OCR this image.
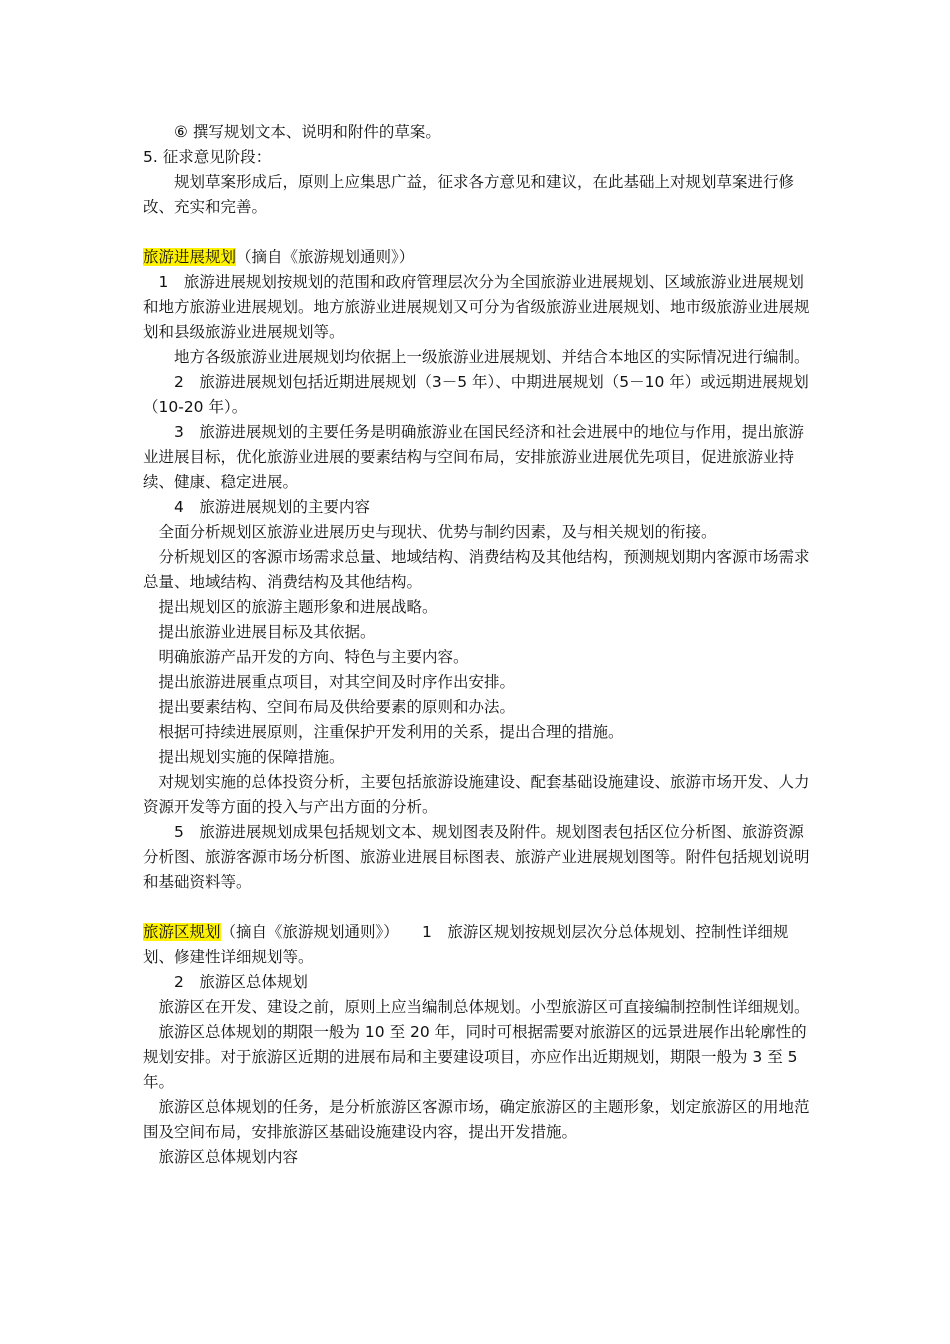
⑥ 撰写规划文本、说明和附件的草案。

5. 征求意见阶段：

规划草案形成后，原则上应集思广益，征求各方意见和建议，在此基础上对规划草案进行修改、充实和完善。

旅游进展规划（摘自《旅游规划通则》）

1　旅游进展规划按规划的范围和政府管理层次分为全国旅游业进展规划、区域旅游业进展规划和地方旅游业进展规划。地方旅游业进展规划又可分为省级旅游业进展规划、地市级旅游业进展规划和县级旅游业进展规划等。

地方各级旅游业进展规划均依据上一级旅游业进展规划、并结合本地区的实际情况进行编制。

2　旅游进展规划包括近期进展规划（3－5 年）、中期进展规划（5－10 年）或远期进展规划（10-20 年）。

3　旅游进展规划的主要任务是明确旅游业在国民经济和社会进展中的地位与作用，提出旅游业进展目标，优化旅游业进展的要素结构与空间布局，安排旅游业进展优先项目，促进旅游业持续、健康、稳定进展。

4　旅游进展规划的主要内容

全面分析规划区旅游业进展历史与现状、优势与制约因素，及与相关规划的衔接。

分析规划区的客源市场需求总量、地域结构、消费结构及其他结构，预测规划期内客源市场需求总量、地域结构、消费结构及其他结构。

提出规划区的旅游主题形象和进展战略。

提出旅游业进展目标及其依据。

明确旅游产品开发的方向、特色与主要内容。

提出旅游进展重点项目，对其空间及时序作出安排。

提出要素结构、空间布局及供给要素的原则和办法。

根据可持续进展原则，注重保护开发利用的关系，提出合理的措施。

提出规划实施的保障措施。

对规划实施的总体投资分析，主要包括旅游设施建设、配套基础设施建设、旅游市场开发、人力资源开发等方面的投入与产出方面的分析。

5　旅游进展规划成果包括规划文本、规划图表及附件。规划图表包括区位分析图、旅游资源分析图、旅游客源市场分析图、旅游业进展目标图表、旅游产业进展规划图等。附件包括规划说明和基础资料等。

旅游区规划（摘自《旅游规划通则》）　　1　旅游区规划按规划层次分总体规划、控制性详细规划、修建性详细规划等。

2　旅游区总体规划

旅游区在开发、建设之前，原则上应当编制总体规划。小型旅游区可直接编制控制性详细规划。

旅游区总体规划的期限一般为 10 至 20 年，同时可根据需要对旅游区的远景进展作出轮廓性的规划安排。对于旅游区近期的进展布局和主要建设项目，亦应作出近期规划，期限一般为 3 至 5 年。

旅游区总体规划的任务，是分析旅游区客源市场，确定旅游区的主题形象，划定旅游区的用地范围及空间布局，安排旅游区基础设施建设内容，提出开发措施。

旅游区总体规划内容
